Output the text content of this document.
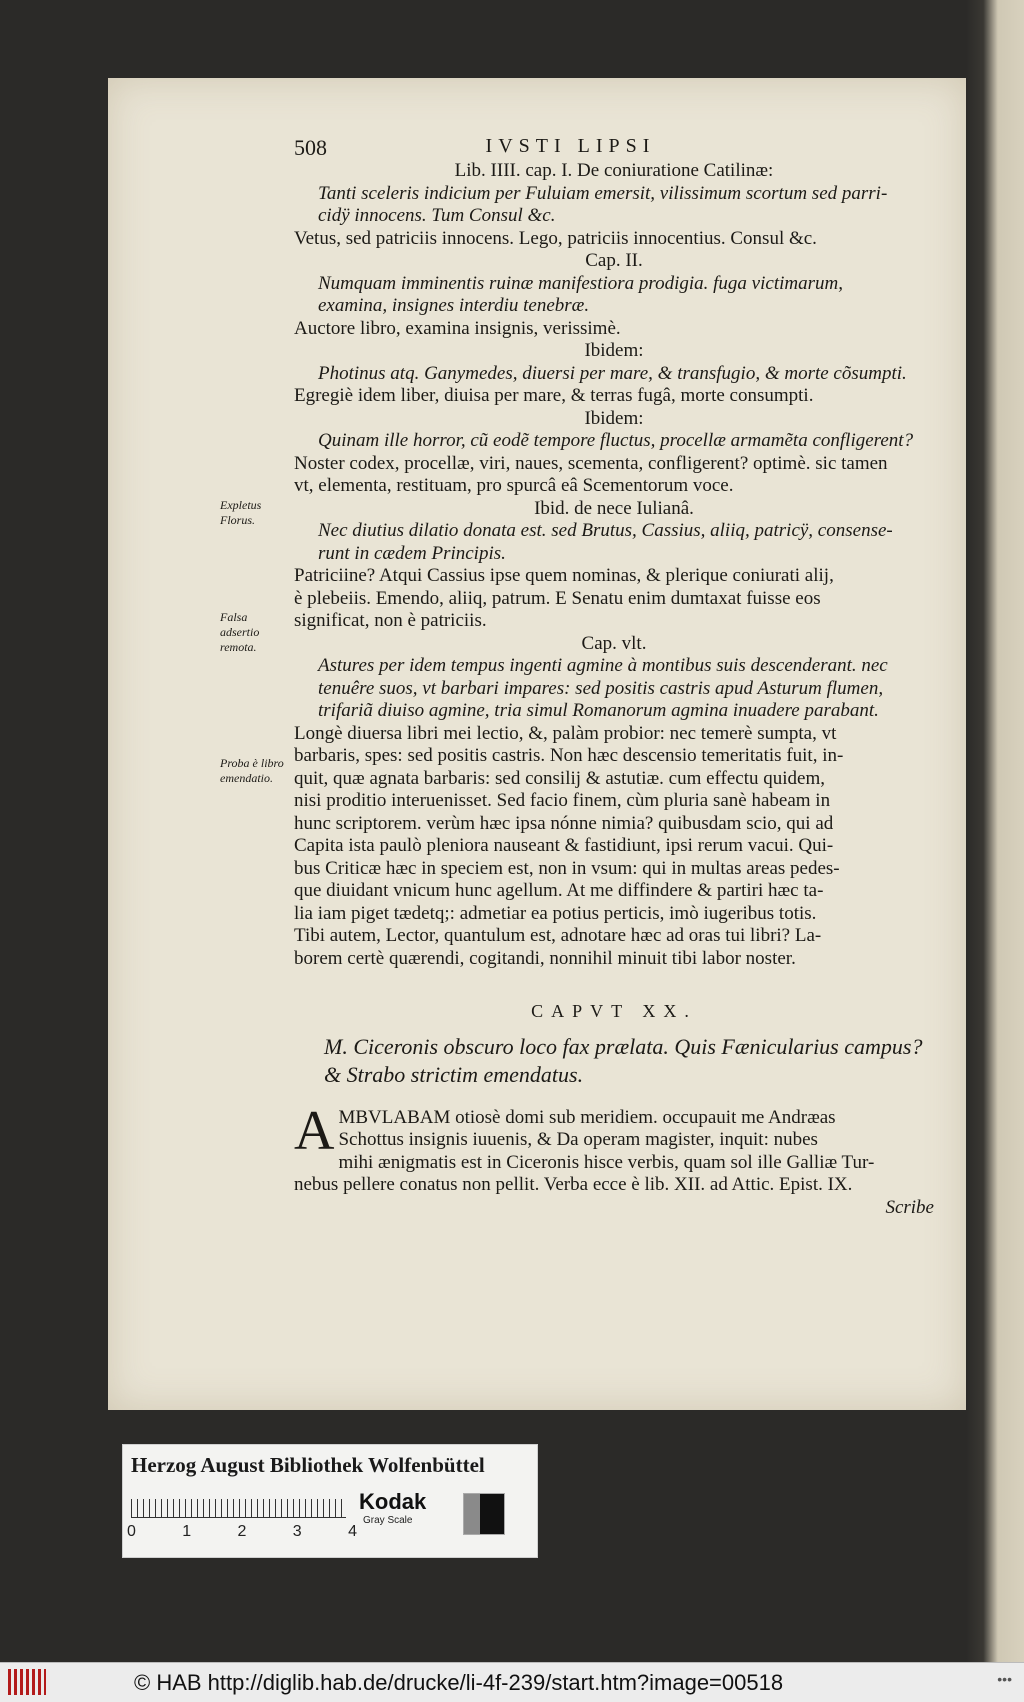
508	IVSTI LIPSI
Expletus Florus.
Falsa adsertio remota.
Proba è libro emendatio.
Lib. IIII. cap. I. De coniuratione Catilinæ:
Tanti sceleris indicium per Fuluiam emersit, vilissimum scortum sed parri-
cidÿ innocens. Tum Consul &c.
Vetus, sed patriciis innocens. Lego, patriciis innocentius. Consul &c.
Cap. II.
Numquam imminentis ruinæ manifestiora prodigia. fuga victimarum,
examina, insignes interdiu tenebræ.
Auctore libro, examina insignis, verissimè.
Ibidem:
Photinus atq. Ganymedes, diuersi per mare, & transfugio, & morte cõsumpti.
Egregiè idem liber, diuisa per mare, & terras fugâ, morte consumpti.
Ibidem:
Quinam ille horror, cũ eodẽ tempore fluctus, procellæ armamẽta confligerent?
Noster codex, procellæ, viri, naues, scementa, confligerent? optimè. sic tamen
vt, elementa, restituam, pro spurcâ eâ Scementorum voce.
Ibid. de nece Iulianâ.
Nec diutius dilatio donata est. sed Brutus, Cassius, aliiq, patricÿ, consense-
runt in cædem Principis.
Patriciine? Atqui Cassius ipse quem nominas, & plerique coniurati alij,
è plebeiis. Emendo, aliiq, patrum. E Senatu enim dumtaxat fuisse eos
significat, non è patriciis.
Cap. vlt.
Astures per idem tempus ingenti agmine à montibus suis descenderant. nec
tenuêre suos, vt barbari impares: sed positis castris apud Asturum flumen,
trifariã diuiso agmine, tria simul Romanorum agmina inuadere parabant.
Longè diuersa libri mei lectio, &, palàm probior: nec temerè sumpta, vt
barbaris, spes: sed positis castris. Non hæc descensio temeritatis fuit, in-
quit, quæ agnata barbaris: sed consilij & astutiæ. cum effectu quidem,
nisi proditio interuenisset. Sed facio finem, cùm pluria sanè habeam in
hunc scriptorem. verùm hæc ipsa nónne nimia? quibusdam scio, qui ad
Capita ista paulò pleniora nauseant & fastidiunt, ipsi rerum vacui. Qui-
bus Criticæ hæc in speciem est, non in vsum: qui in multas areas pedes-
que diuidant vnicum hunc agellum. At me diffindere & partiri hæc ta-
lia iam piget tædetq;: admetiar ea potius perticis, imò iugeribus totis.
Tibi autem, Lector, quantulum est, adnotare hæc ad oras tui libri? La-
borem certè quærendi, cogitandi, nonnihil minuit tibi labor noster.
CAPVT XX.
M. Ciceronis obscuro loco fax prælata. Quis Fænicularius campus? & Strabo strictim emendatus.
A MBVLABAM otiosè domi sub meridiem. occupauit me Andræas
Schottus insignis iuuenis, & Da operam magister, inquit: nubes
mihi ænigmatis est in Ciceronis hisce verbis, quam sol ille Galliæ Tur-
nebus pellere conatus non pellit. Verba ecce è lib. XII. ad Attic. Epist. IX.
Scribe
Herzog August Bibliothek Wolfenbüttel
0	1	2	3	4
Kodak
Gray Scale
© HAB http://diglib.hab.de/drucke/li-4f-239/start.htm?image=00518	•••
